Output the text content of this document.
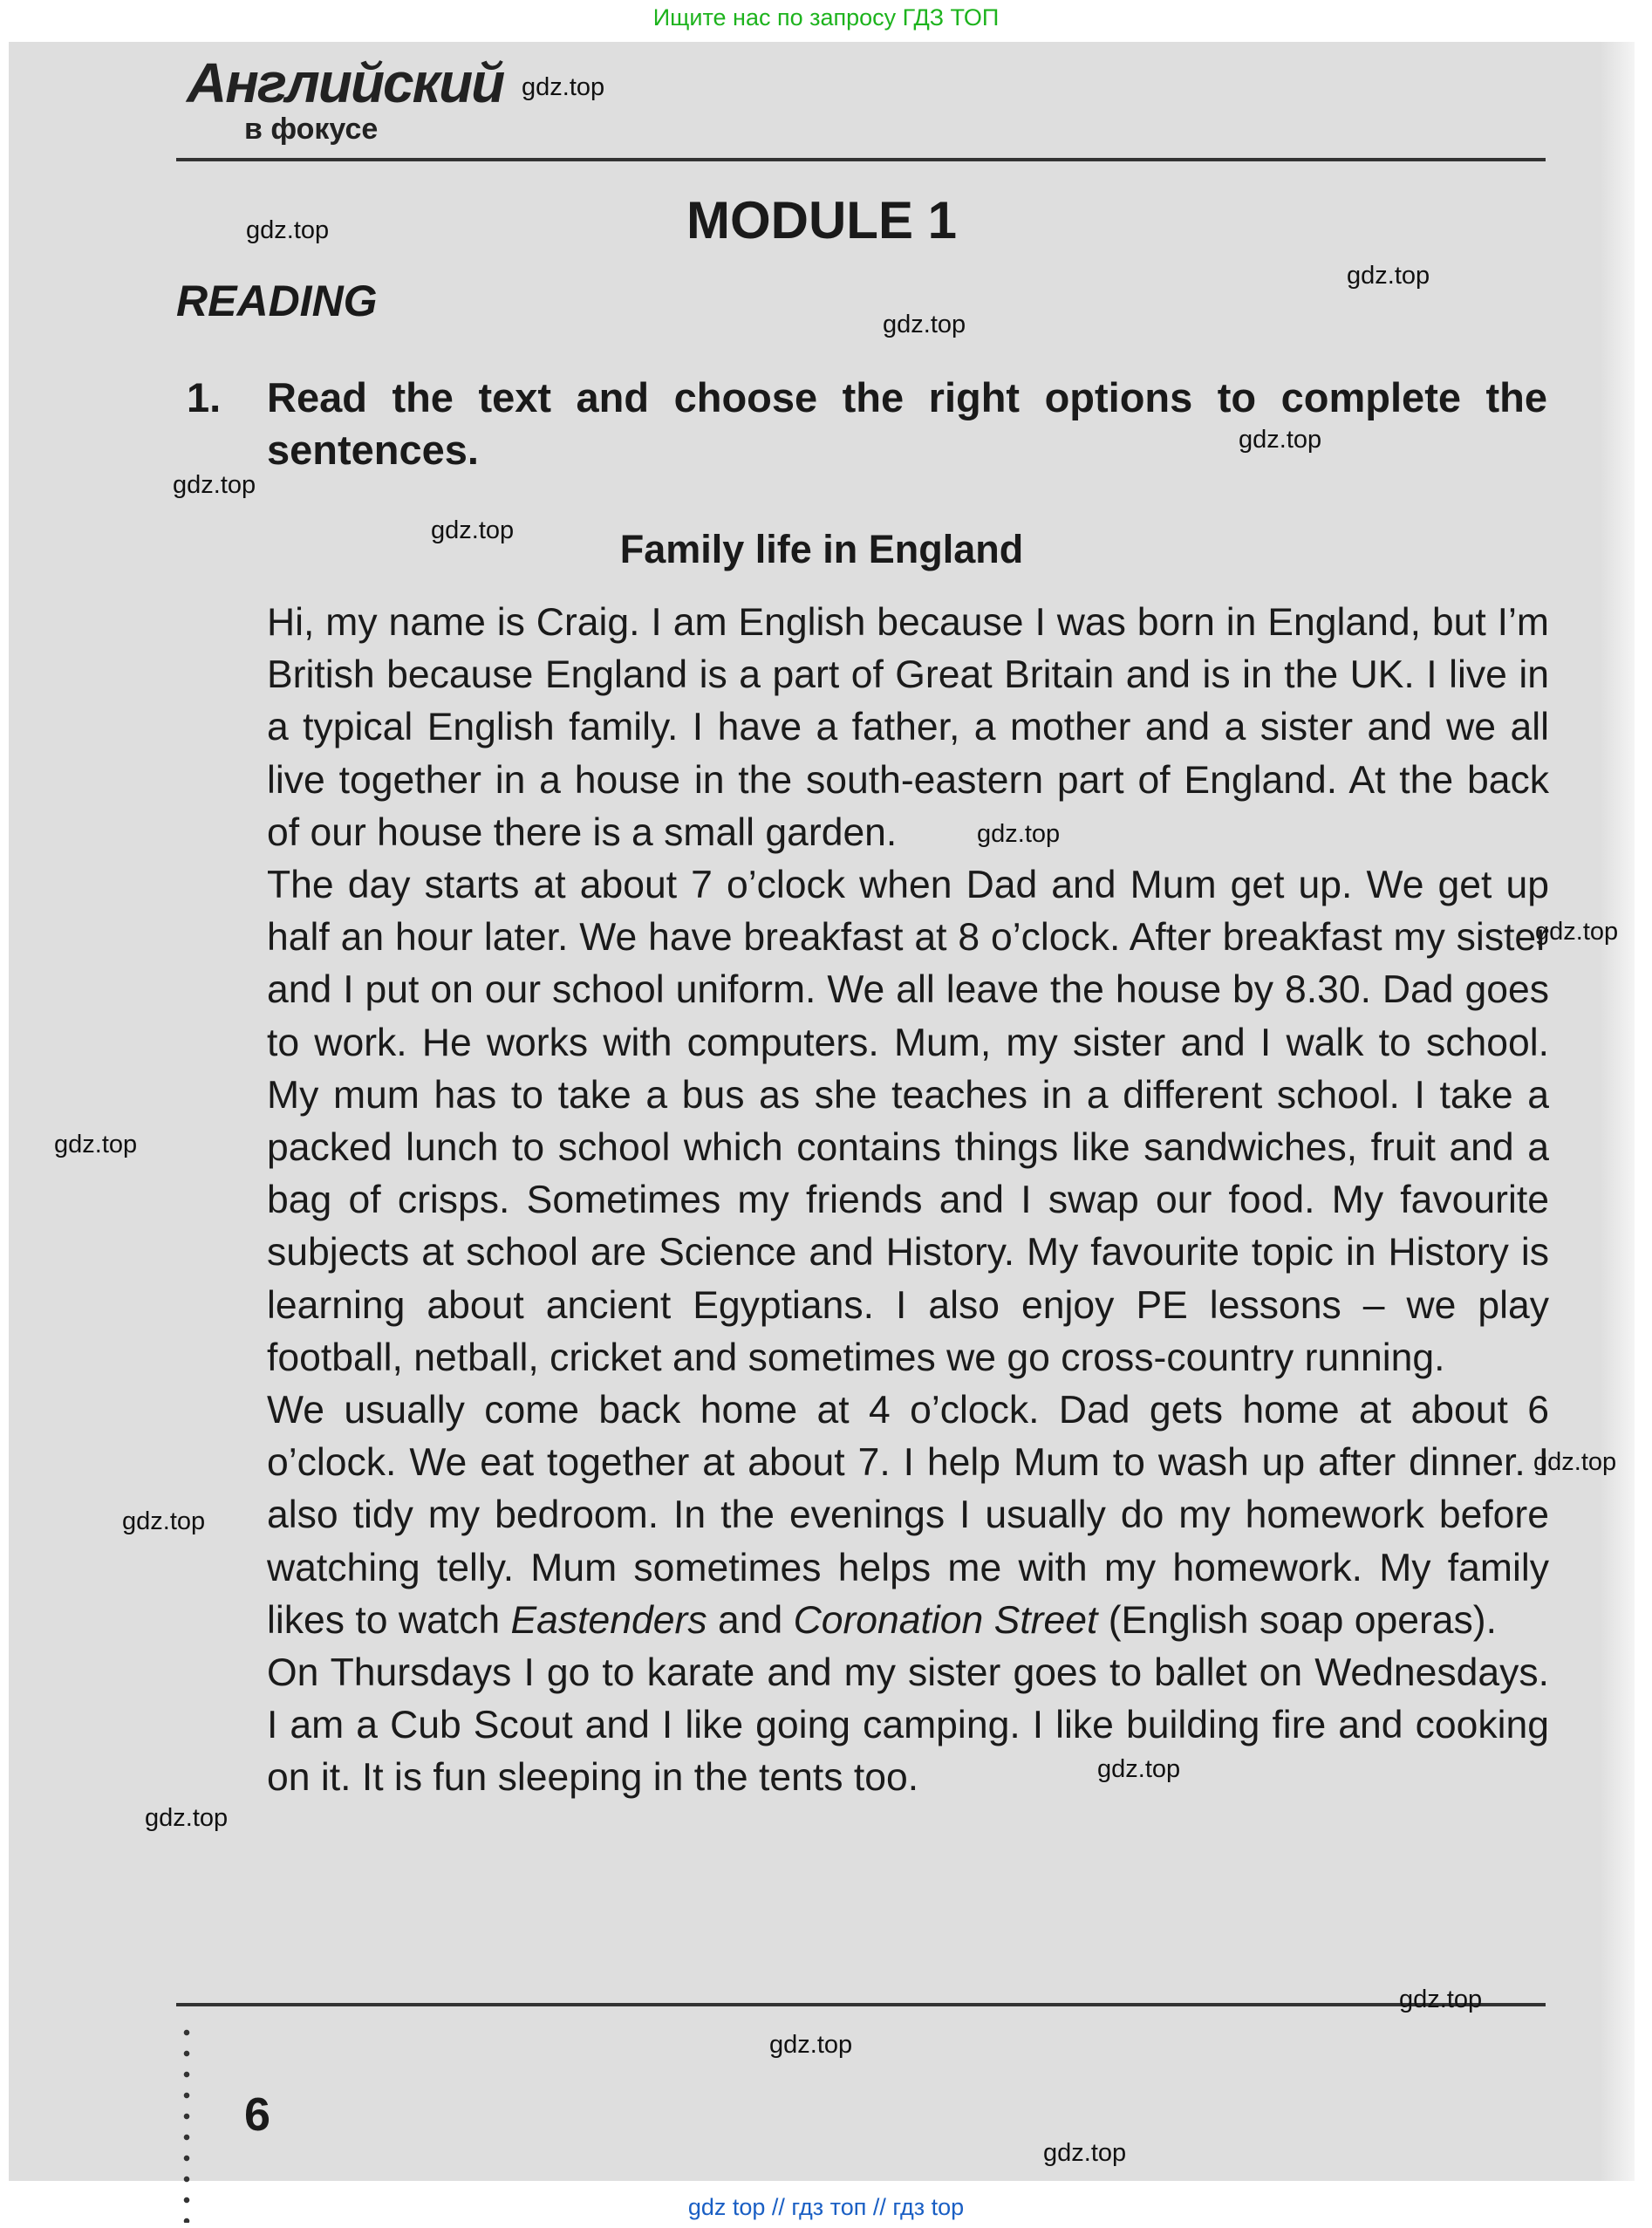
Ищите нас по запросу ГДЗ ТОП
Английский
в фокусе
MODULE 1
READING
1. Read the text and choose the right options to complete the sentences.
Family life in England

Hi, my name is Craig. I am English because I was born in England, but I’m British because England is a part of Great Britain and is in the UK. I live in a typical English family. I have a father, a mother and a sister and we all live together in a house in the south-eastern part of England. At the back of our house there is a small garden.

The day starts at about 7 o’clock when Dad and Mum get up. We get up half an hour later. We have breakfast at 8 o’clock. After breakfast my sister and I put on our school uniform. We all leave the house by 8.30. Dad goes to work. He works with computers. Mum, my sister and I walk to school. My mum has to take a bus as she teaches in a different school. I take a packed lunch to school which contains things like sandwiches, fruit and a bag of crisps. Sometimes my friends and I swap our food. My favourite subjects at school are Science and History. My favourite topic in History is learning about ancient Egyptians. I also enjoy PE lessons – we play football, netball, cricket and sometimes we go cross-country running.

We usually come back home at 4 o’clock. Dad gets home at about 6 o’clock. We eat together at about 7. I help Mum to wash up after dinner. I also tidy my bedroom. In the evenings I usually do my homework before watching telly. Mum sometimes helps me with my homework. My family likes to watch Eastenders and Coronation Street (English soap operas).

On Thursdays I go to karate and my sister goes to ballet on Wednesdays. I am a Cub Scout and I like going camping. I like building fire and cooking on it. It is fun sleeping in the tents too.

6
gdz.top
gdz.top
gdz.top
gdz.top
gdz.top
gdz.top
gdz.top
gdz.top
gdz.top
gdz.top
gdz.top
gdz.top
gdz.top
gdz.top
gdz.top
gdz.top
gdz.top
gdz top // гдз топ // гдз top
